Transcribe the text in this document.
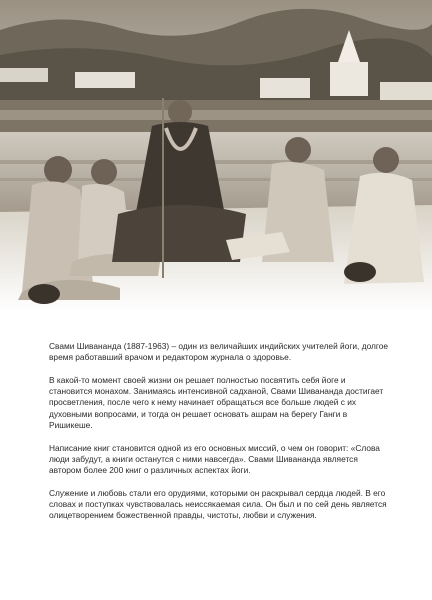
Свами Шивананда (1887-1963) – один из величайших индийских учителей йоги, долгое время работавший врачом и редактором журнала о здоровье.

В какой-то момент своей жизни он решает полностью посвятить себя йоге и становится монахом. Занимаясь интенсивной садханой, Свами Шивананда достигает просветления, после чего к нему начинает обращаться все больше людей с их духовными вопросами, и тогда он решает основать ашрам на берегу Ганги в Ришикеше.

Написание книг становится одной из его основных миссий, о чем он говорит: «Слова люди забудут, а книги останутся с ними навсегда». Свами Шивананда является автором более 200 книг о различных аспектах йоги.

Служение и любовь стали его орудиями, которыми он раскрывал сердца людей. В его словах и поступках чувствовалась неиссякаемая сила. Он был и по сей день является олицетворением божественной правды, чистоты, любви и служения.
